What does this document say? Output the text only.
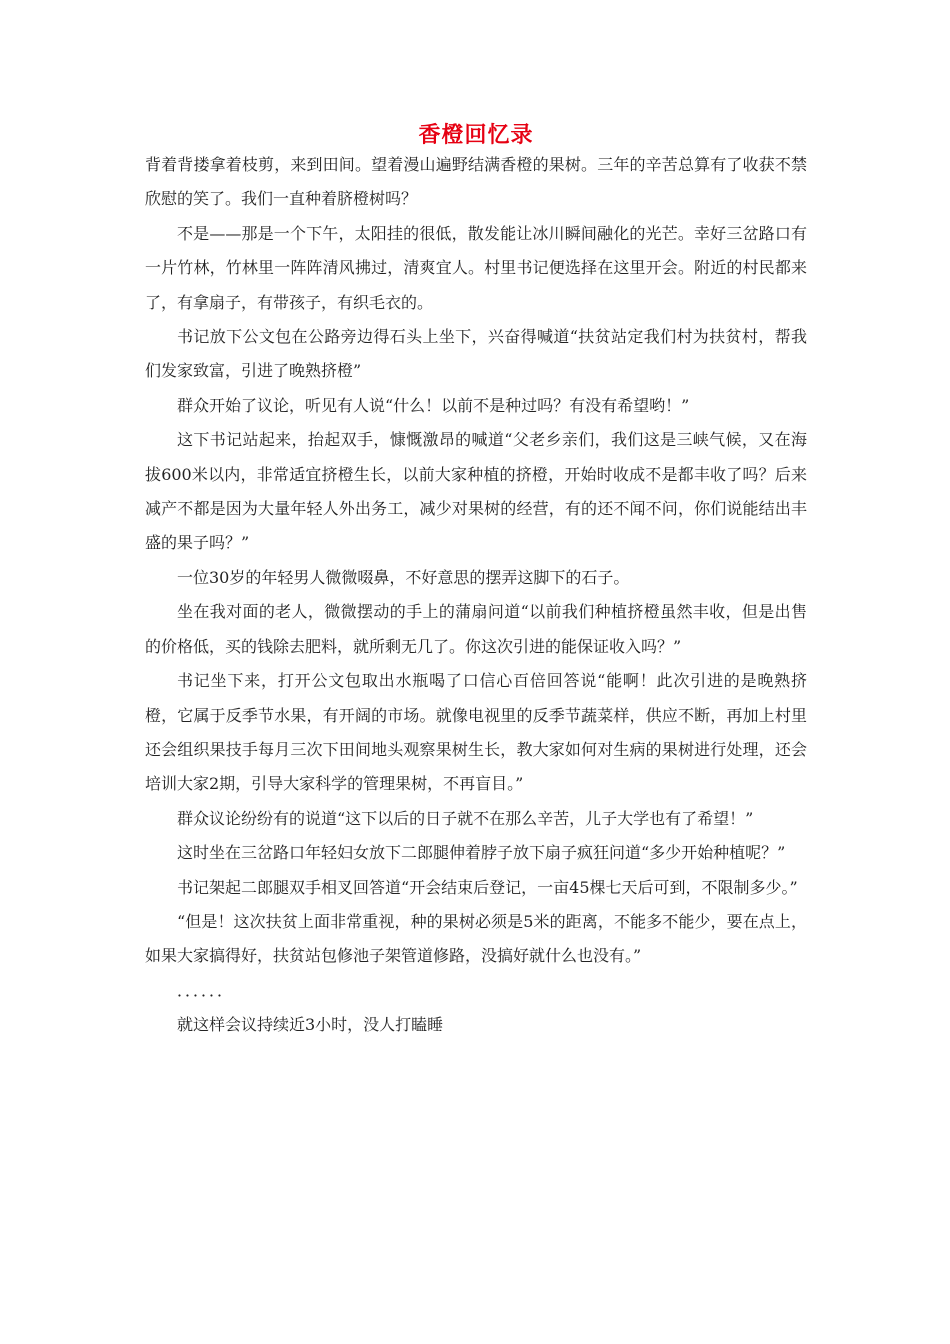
香橙回忆录

背着背搂拿着枝剪，来到田间。望着漫山遍野结满香橙的果树。三年的辛苦总算有了收获不禁欣慰的笑了。我们一直种着脐橙树吗？

不是——那是一个下午，太阳挂的很低，散发能让冰川瞬间融化的光芒。幸好三岔路口有一片竹林，竹林里一阵阵清风拂过，清爽宜人。村里书记便选择在这里开会。附近的村民都来了，有拿扇子，有带孩子，有织毛衣的。

书记放下公文包在公路旁边得石头上坐下，兴奋得喊道“扶贫站定我们村为扶贫村，帮我们发家致富，引进了晚熟挤橙”

群众开始了议论，听见有人说“什么！以前不是种过吗？有没有希望哟！”

这下书记站起来，抬起双手，慷慨激昂的喊道“父老乡亲们，我们这是三峡气候，又在海拔600米以内，非常适宜挤橙生长，以前大家种植的挤橙，开始时收成不是都丰收了吗？后来减产不都是因为大量年轻人外出务工，减少对果树的经营，有的还不闻不问，你们说能结出丰盛的果子吗？”

一位30岁的年轻男人微微啜鼻，不好意思的摆弄这脚下的石子。

坐在我对面的老人，微微摆动的手上的蒲扇问道“以前我们种植挤橙虽然丰收，但是出售的价格低，买的钱除去肥料，就所剩无几了。你这次引进的能保证收入吗？”

书记坐下来，打开公文包取出水瓶喝了口信心百倍回答说“能啊！此次引进的是晚熟挤橙，它属于反季节水果，有开阔的市场。就像电视里的反季节蔬菜样，供应不断，再加上村里还会组织果技手每月三次下田间地头观察果树生长，教大家如何对生病的果树进行处理，还会培训大家2期，引导大家科学的管理果树，不再盲目。”

群众议论纷纷有的说道“这下以后的日子就不在那么辛苦，儿子大学也有了希望！”

这时坐在三岔路口年轻妇女放下二郎腿伸着脖子放下扇子疯狂问道“多少开始种植呢？”

书记架起二郎腿双手相叉回答道“开会结束后登记，一亩45棵七天后可到，不限制多少。”

“但是！这次扶贫上面非常重视，种的果树必须是5米的距离，不能多不能少，要在点上，如果大家搞得好，扶贫站包修池子架管道修路，没搞好就什么也没有。”

．．．．．．

就这样会议持续近3小时，没人打瞌睡
